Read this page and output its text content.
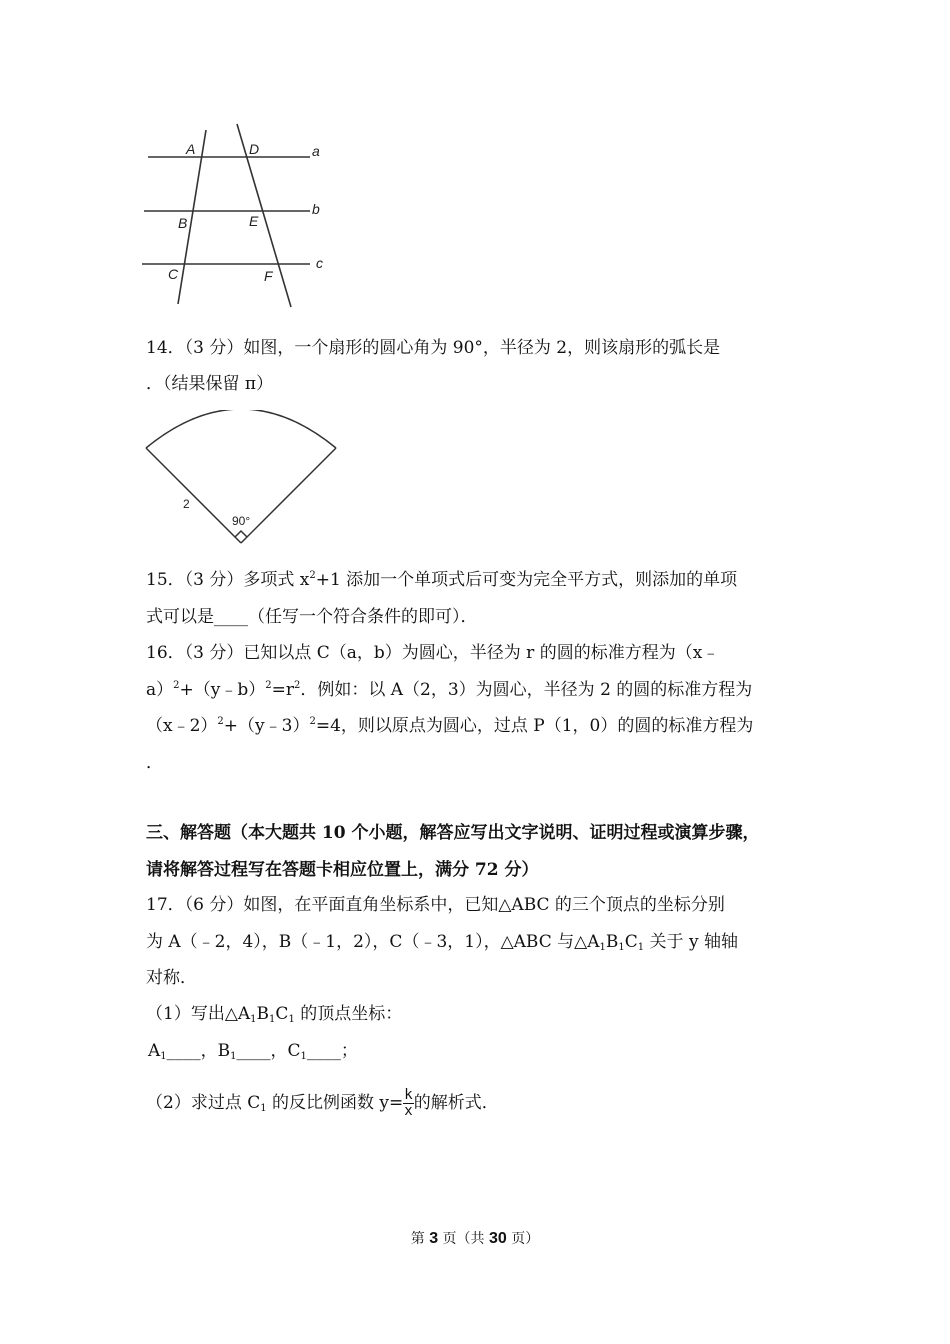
A	D	a
B	E
b
C	F
c
14．（3 分）如图，一个扇形的圆心角为 90°，半径为 2，则该扇形的弧长是
．（结果保留 π）
2
90°
15．（3 分）多项式 $x^2+1$ 添加一个单项式后可变为完全平方式，则添加的单项
式可以是____（任写一个符合条件的即可）．
16．（3 分）已知以点 C（a，b）为圆心，半径为 r 的圆的标准方程为（x﹣
$a)^2+(y﹣b)^2=r^2$．例如：以 A（2，3）为圆心，半径为 2 的圆的标准方程为
（x﹣2）$^2$+（y﹣3）$^2$=4，则以原点为圆心，过点 P（1，0）的圆的标准方程为
．
三、解答题（本大题共 10 个小题，解答应写出文字说明、证明过程或演算步骤，
请将解答过程写在答题卡相应位置上，满分 72 分）
17．（6 分）如图，在平面直角坐标系中，已知△ABC 的三个顶点的坐标分别
为 A（﹣2，4），B（﹣1，2），C（﹣3，1），△ABC 与$\triangle A_1B_1C_1$ 关于 y 轴轴
对称．
（1）写出$\triangle A_1B_1C_1$ 的顶点坐标：
$A_1\_\_\_\_$，$B_1\_\_\_\_$，$C_1\_\_\_\_$；
（2）求过点 $C_1$ 的反比例函数 $y= \frac{k}{x}$ 的解析式．
第 3 页（共 30 页）
